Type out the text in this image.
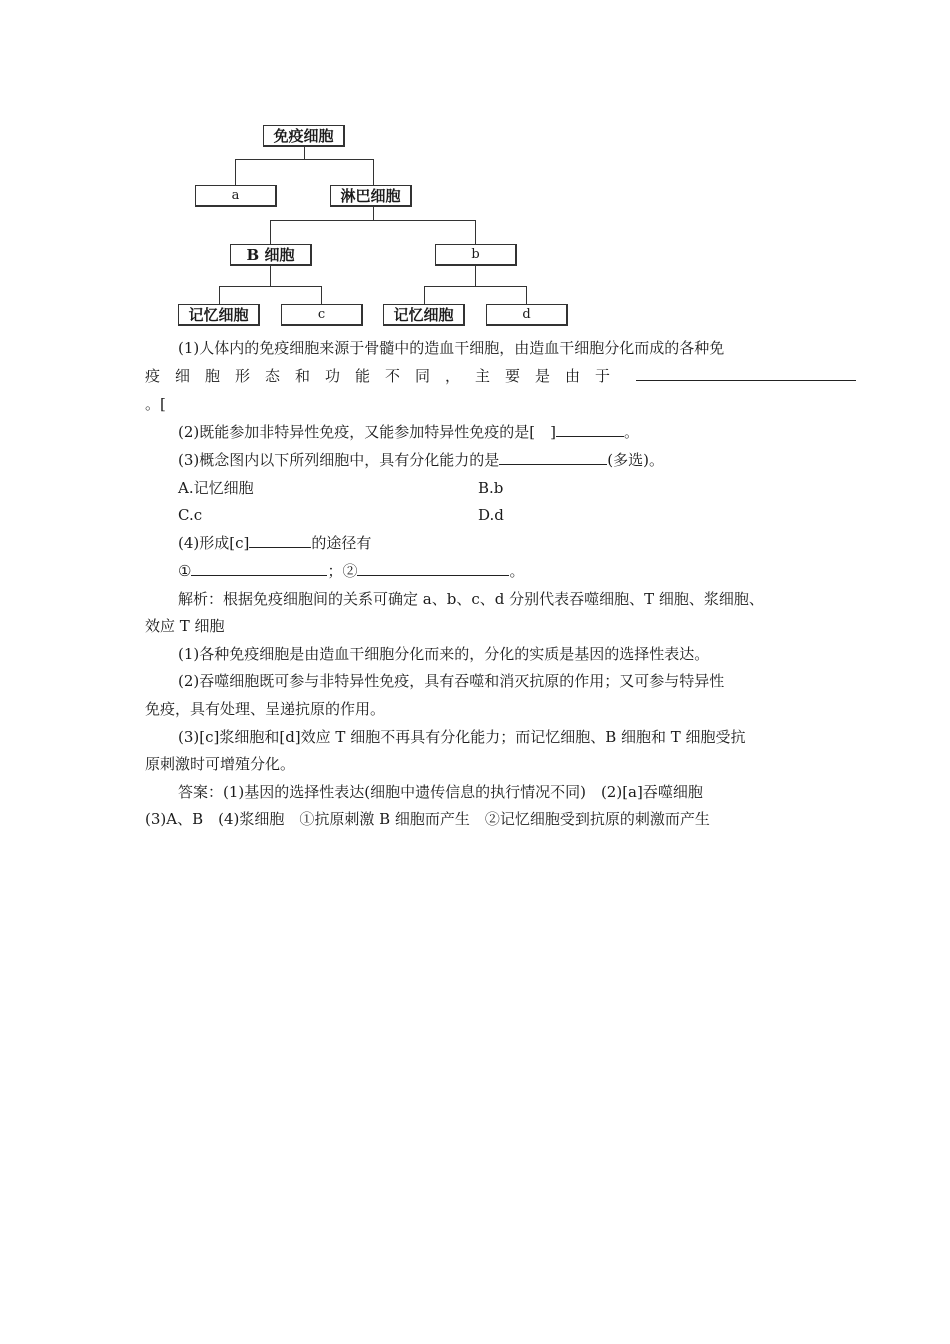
免疫细胞
a	淋巴细胞
B 细胞	b
记忆细胞	c	记忆细胞	d
(1)人体内的免疫细胞来源于骨髓中的造血干细胞，由造血干细胞分化而成的各种免
疫细胞形态和功能不同，主要是由于
。[
(2)既能参加非特异性免疫，又能参加特异性免疫的是[　]	。
(3)概念图内以下所列细胞中，具有分化能力的是	(多选)。
A.记忆细胞	B.b
C.c	D.d
(4)形成[c]	的途径有
①	；②	。
解析：根据免疫细胞间的关系可确定 a、b、c、d 分别代表吞噬细胞、T 细胞、浆细胞、
效应 T 细胞
(1)各种免疫细胞是由造血干细胞分化而来的，分化的实质是基因的选择性表达。
(2)吞噬细胞既可参与非特异性免疫，具有吞噬和消灭抗原的作用；又可参与特异性
免疫，具有处理、呈递抗原的作用。
(3)[c]浆细胞和[d]效应 T 细胞不再具有分化能力；而记忆细胞、B 细胞和 T 细胞受抗
原刺激时可增殖分化。
答案：(1)基因的选择性表达(细胞中遗传信息的执行情况不同)　(2)[a]吞噬细胞
(3)A、B　(4)浆细胞　①抗原刺激 B 细胞而产生　②记忆细胞受到抗原的刺激而产生
